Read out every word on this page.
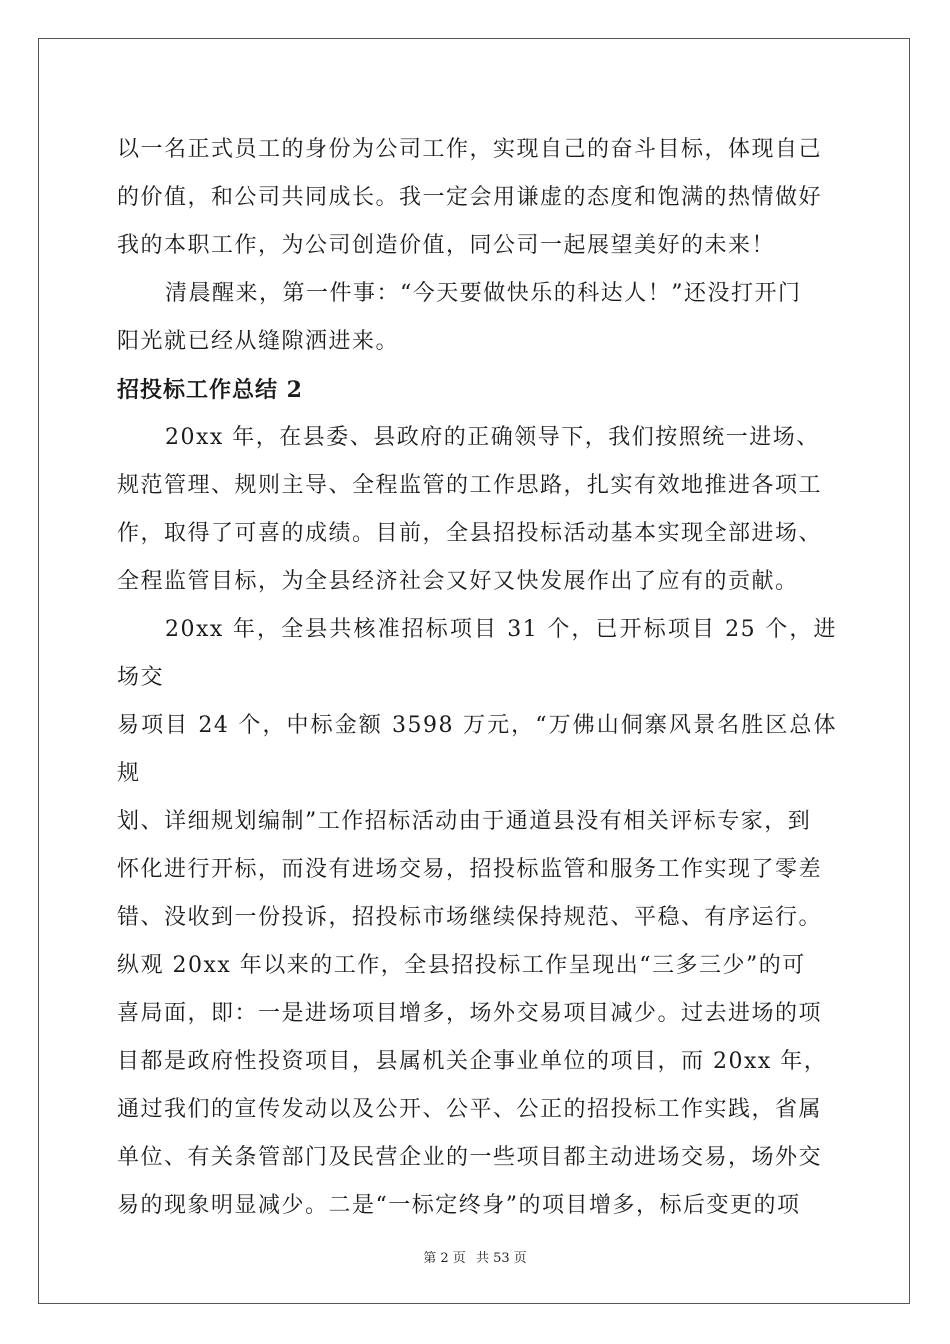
以一名正式员工的身份为公司工作，实现自己的奋斗目标，体现自己

的价值，和公司共同成长。我一定会用谦虚的态度和饱满的热情做好

我的本职工作，为公司创造价值，同公司一起展望美好的未来！

清晨醒来，第一件事：“今天要做快乐的科达人！”还没打开门

阳光就已经从缝隙洒进来。

招投标工作总结 2

20xx 年，在县委、县政府的正确领导下，我们按照统一进场、

规范管理、规则主导、全程监管的工作思路，扎实有效地推进各项工

作，取得了可喜的成绩。目前，全县招投标活动基本实现全部进场、

全程监管目标，为全县经济社会又好又快发展作出了应有的贡献。

20xx 年，全县共核准招标项目 31 个，已开标项目 25 个，进场交

易项目 24 个，中标金额 3598 万元，“万佛山侗寨风景名胜区总体规

划、详细规划编制”工作招标活动由于通道县没有相关评标专家，到

怀化进行开标，而没有进场交易，招投标监管和服务工作实现了零差

错、没收到一份投诉，招投标市场继续保持规范、平稳、有序运行。

纵观 20xx 年以来的工作，全县招投标工作呈现出“三多三少”的可

喜局面，即：一是进场项目增多，场外交易项目减少。过去进场的项

目都是政府性投资项目，县属机关企事业单位的项目，而 20xx 年，

通过我们的宣传发动以及公开、公平、公正的招投标工作实践，省属

单位、有关条管部门及民营企业的一些项目都主动进场交易，场外交

易的现象明显减少。二是“一标定终身”的项目增多，标后变更的项

第 2 页 共 53 页
